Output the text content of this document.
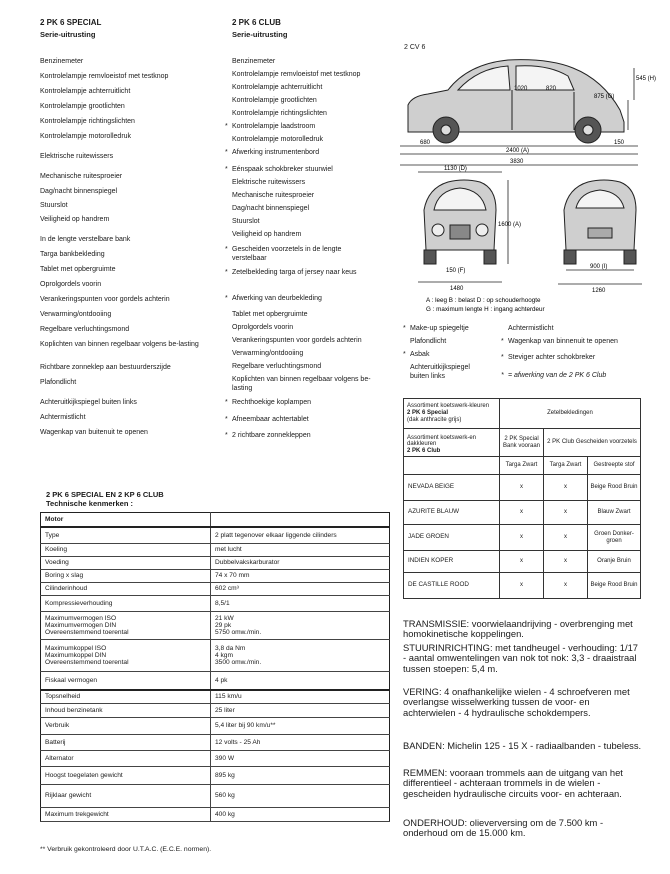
2 PK 6 SPECIAL
Serie-uitrusting
Benzinemeter
Kontrolelampje remvloeistof met testknop
Kontrolelampje achterruitlicht
Kontrolelampje grootlichten
Kontrolelampje richtingslichten
Kontrolelampje motorolledruk
Elektrische ruitewissers
Mechanische ruitesproeier
Dag/nacht binnenspiegel
Stuurslot
Veiligheid op handrem
In de lengte verstelbare bank
Targa bankbekleding
Tablet met opbergruimte
Oprolgordels voorin
Verankeringspunten voor gordels achterin
Verwarming/ontdooiing
Regelbare verluchtingsmond
Koplichten van binnen regelbaar volgens be-lasting
Richtbare zonneklep aan bestuurderszijde
Plafondlicht
Achteruitkijkspiegel buiten links
Achtermistlicht
Wagenkap van buitenuit te openen
2 PK 6 CLUB
Serie-uitrusting
Benzinemeter
Kontrolelampje remvloeistof met testknop
Kontrolelampje achterruitlicht
Kontrolelampje grootlichten
Kontrolelampje richtingslichten
* Kontrolelampje laadstroom
Kontrolelampje motorolledruk
* Afwerking instrumentenbord
* Eénspaak schokbreker stuurwiel
Elektrische ruitewissers
Mechanische ruitesproeier
Dag/nacht binnenspiegel
Stuurslot
Veiligheid op handrem
* Gescheiden voorzetels in de lengte verstelbaar
* Zetelbekleding targa of jersey naar keus
* Afwerking van deurbekleding
Tablet met opbergruimte
Oprolgordels voorin
Verankeringspunten voor gordels achterin
Verwarming/ontdooiing
Regelbare verluchtingsmond
Koplichten van binnen regelbaar volgens be-lasting
* Rechthoekige koplampen
* Afneembaar achtertablet
* 2 richtbare zonnekleppen
2 CV 6
1020	820
875 (G)
545 (H)
680
2400 (A)
150
3830
1130 (D)
1600 (A)
150 (F)
1480
900 (I)
1260
A : leeg B : belast D : op schouderhoogte
G : maximum lengte H : ingang achterdeur
* Make-up spiegeltje
Plafondlicht
* Asbak
Achteruitkijkspiegel buiten links
Achtermistlicht
* Wagenkap van binnenuit te openen
* Steviger achter schokbreker
* = afwerking van de 2 PK 6 Club
Assortiment koetswerk-kleuren
2 PK 6 Special
(dak anthracite grijs)	Zetelbekledingen		

Assortiment koetswerk-en dakkleuren
2 PK 6 Club	2 PK Special Bank vooraan	2 PK Club Gescheiden voorzetels	
	Targa Zwart	Targa Zwart	Gestreepte stof
NEVADA BEIGE	x	x	Beige Rood Bruin
AZURITE BLAUW	x	x	Blauw Zwart
JADE GROEN	x	x	Groen Donker-groen
INDIEN KOPER	x	x	Oranje Bruin
DE CASTILLE ROOD	x	x	Beige Rood Bruin
2 PK 6 SPECIAL EN 2 KP 6 CLUB
Technische kenmerken :
Motor	
Type	2 platt tegenover elkaar liggende cilinders
Koeling	met lucht
Voeding	Dubbelvakskarburator
Boring x slag	74 x 70 mm
Cilinderinhoud	602 cm³
Kompressieverhouding	8,5/1
Maximumvermogen ISO
Maximumvermogen DIN
Overeenstemmend toerental	21 kW
29 pk
5750 omw./min.
Maximumkoppel ISO
Maximumkoppel DIN
Overeenstemmend toerental	3,8 da Nm
4 kgm
3500 omw./min.
Fiskaal vermogen	4 pk
Topsnelheid	115 km/u
Inhoud benzinetank	25 liter
Verbruik	5,4 liter bij 90 km/u**
Batterij	12 volts - 25 Ah
Alternator	390 W
Hoogst toegelaten gewicht	895 kg
Rijklaar gewicht	560 kg
Maximum trekgewicht	400 kg
** Verbruik gekontroleerd door U.T.A.C. (E.C.E. normen).
TRANSMISSIE: voorwielaandrijving - overbrenging met homokinetische koppelingen.
STUURINRICHTING: met tandheugel - verhouding: 1/17 - aantal omwentelingen van nok tot nok: 3,3 - draaistraal tussen stoepen: 5,4 m.
VERING: 4 onafhankelijke wielen - 4 schroefveren met overlangse wisselwerking tussen de voor- en achterwielen - 4 hydraulische schokdempers.
BANDEN: Michelin 125 - 15 X - radiaalbanden - tubeless.
REMMEN: vooraan trommels aan de uitgang van het differentieel - achteraan trommels in de wielen - gescheiden hydraulische circuits voor- en achteraan.
ONDERHOUD: olieverversing om de 7.500 km - onderhoud om de 15.000 km.
